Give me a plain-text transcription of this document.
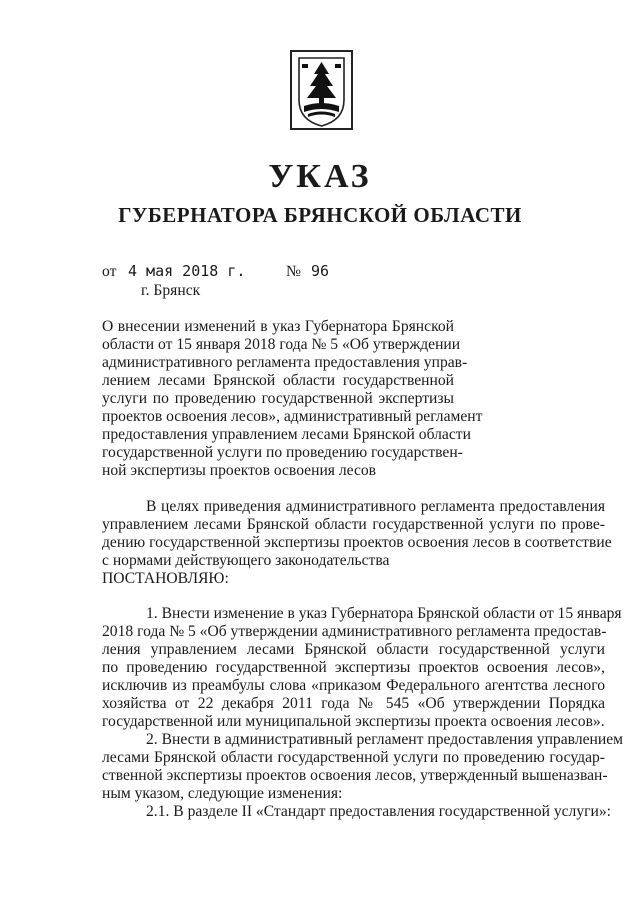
УКАЗ
ГУБЕРНАТОРА БРЯНСКОЙ ОБЛАСТИ
от 4 мая 2018 г.	№ 96
г. Брянск
О внесении изменений в указ Губернатора Брянской
области от 15 января 2018 года № 5 «Об утверждении
административного регламента предоставления управ-
лением лесами Брянской области государственной
услуги по проведению государственной экспертизы
проектов освоения лесов», административный регламент
предоставления управлением лесами Брянской области
государственной услуги по проведению государствен-
ной экспертизы проектов освоения лесов
В целях приведения административного регламента предоставления
управлением лесами Брянской области государственной услуги по прове-
дению государственной экспертизы проектов освоения лесов в соответствие
с нормами действующего законодательства
ПОСТАНОВЛЯЮ:
1. Внести изменение в указ Губернатора Брянской области от 15 января
2018 года № 5 «Об утверждении административного регламента предостав-
ления управлением лесами Брянской области государственной услуги
по проведению государственной экспертизы проектов освоения лесов»,
исключив из преамбулы слова «приказом Федерального агентства лесного
хозяйства от 22 декабря 2011 года № 545 «Об утверждении Порядка
государственной или муниципальной экспертизы проекта освоения лесов».
2. Внести в административный регламент предоставления управлением
лесами Брянской области государственной услуги по проведению государ-
ственной экспертизы проектов освоения лесов, утвержденный вышеназван-
ным указом, следующие изменения:
2.1. В разделе II «Стандарт предоставления государственной услуги»:
